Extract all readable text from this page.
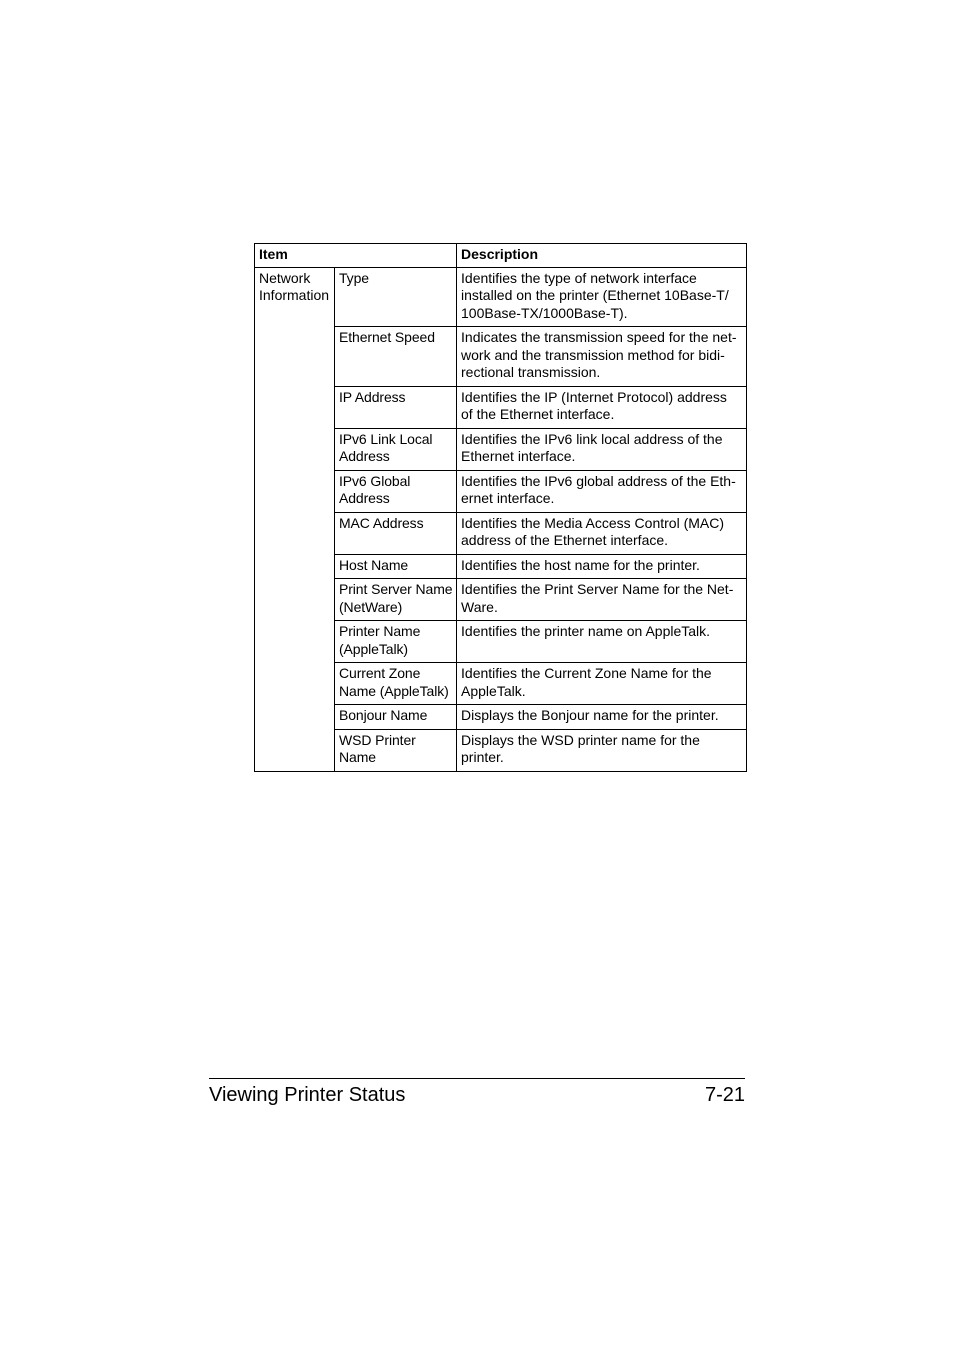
Item		Description
Network
Information	Type	Identifies the type of network interface
installed on the printer (Ethernet 10Base-T/
100Base-TX/1000Base-T).
	Ethernet Speed	Indicates the transmission speed for the net-
work and the transmission method for bidi-
rectional transmission.
	IP Address	Identifies the IP (Internet Protocol) address
of the Ethernet interface.
	IPv6 Link Local
Address	Identifies the IPv6 link local address of the
Ethernet interface.
	IPv6 Global
Address	Identifies the IPv6 global address of the Eth-
ernet interface.
	MAC Address	Identifies the Media Access Control (MAC)
address of the Ethernet interface.
	Host Name	Identifies the host name for the printer.
	Print Server Name
(NetWare)	Identifies the Print Server Name for the Net-
Ware.
	Printer Name
(AppleTalk)	Identifies the printer name on AppleTalk.
	Current Zone
Name (AppleTalk)	Identifies the Current Zone Name for the
AppleTalk.
	Bonjour Name	Displays the Bonjour name for the printer.
	WSD Printer
Name	Displays the WSD printer name for the
printer.
Viewing Printer Status	7-21
